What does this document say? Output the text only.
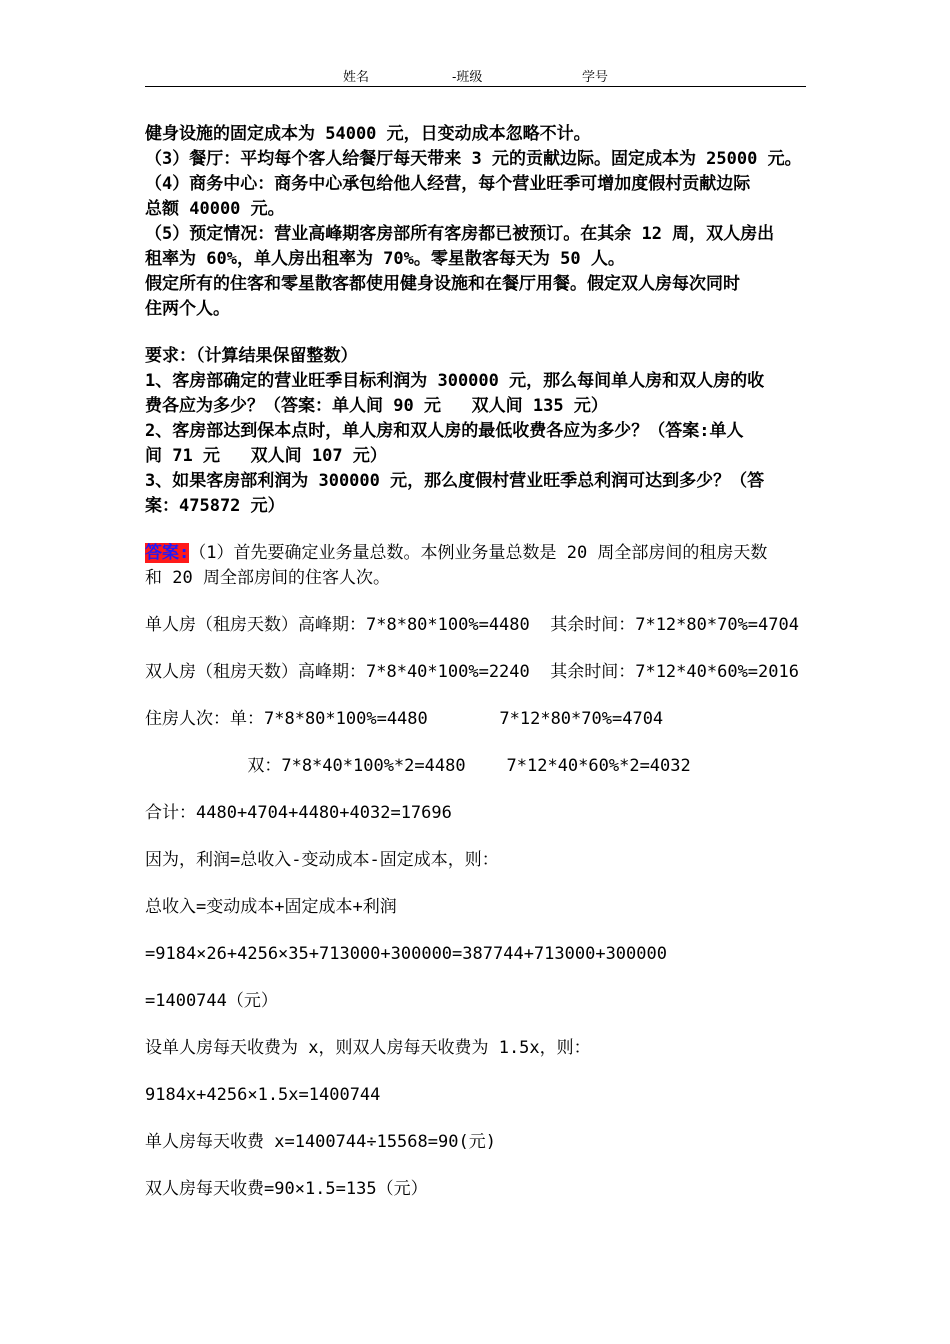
姓名	-班级	学号

健身设施的固定成本为 54000 元，日变动成本忽略不计。

（3）餐厅：平均每个客人给餐厅每天带来 3 元的贡献边际。固定成本为 25000 元。

（4）商务中心：商务中心承包给他人经营，每个营业旺季可增加度假村贡献边际

总额 40000 元。

（5）预定情况：营业高峰期客房部所有客房都已被预订。在其余 12 周，双人房出

租率为 60%，单人房出租率为 70%。零星散客每天为 50 人。

假定所有的住客和零星散客都使用健身设施和在餐厅用餐。假定双人房每次同时

住两个人。

要求：（计算结果保留整数）

1、客房部确定的营业旺季目标利润为 300000 元，那么每间单人房和双人房的收

费各应为多少？（答案：单人间 90 元   双人间 135 元）

2、客房部达到保本点时，单人房和双人房的最低收费各应为多少？（答案:单人

间 71 元   双人间 107 元）

3、如果客房部利润为 300000 元，那么度假村营业旺季总利润可达到多少？（答

案：475872 元）

答案:（1）首先要确定业务量总数。本例业务量总数是 20 周全部房间的租房天数

和 20 周全部房间的住客人次。

单人房（租房天数）高峰期：7*8*80*100%=4480  其余时间：7*12*80*70%=4704

双人房（租房天数）高峰期：7*8*40*100%=2240  其余时间：7*12*40*60%=2016

住房人次：单：7*8*80*100%=4480       7*12*80*70%=4704

双：7*8*40*100%*2=4480    7*12*40*60%*2=4032

合计：4480+4704+4480+4032=17696

因为，利润=总收入-变动成本-固定成本，则：

总收入=变动成本+固定成本+利润

=9184×26+4256×35+713000+300000=387744+713000+300000

=1400744（元）

设单人房每天收费为 x，则双人房每天收费为 1.5x，则：

9184x+4256×1.5x=1400744

单人房每天收费 x=1400744÷15568=90(元)

双人房每天收费=90×1.5=135（元）
